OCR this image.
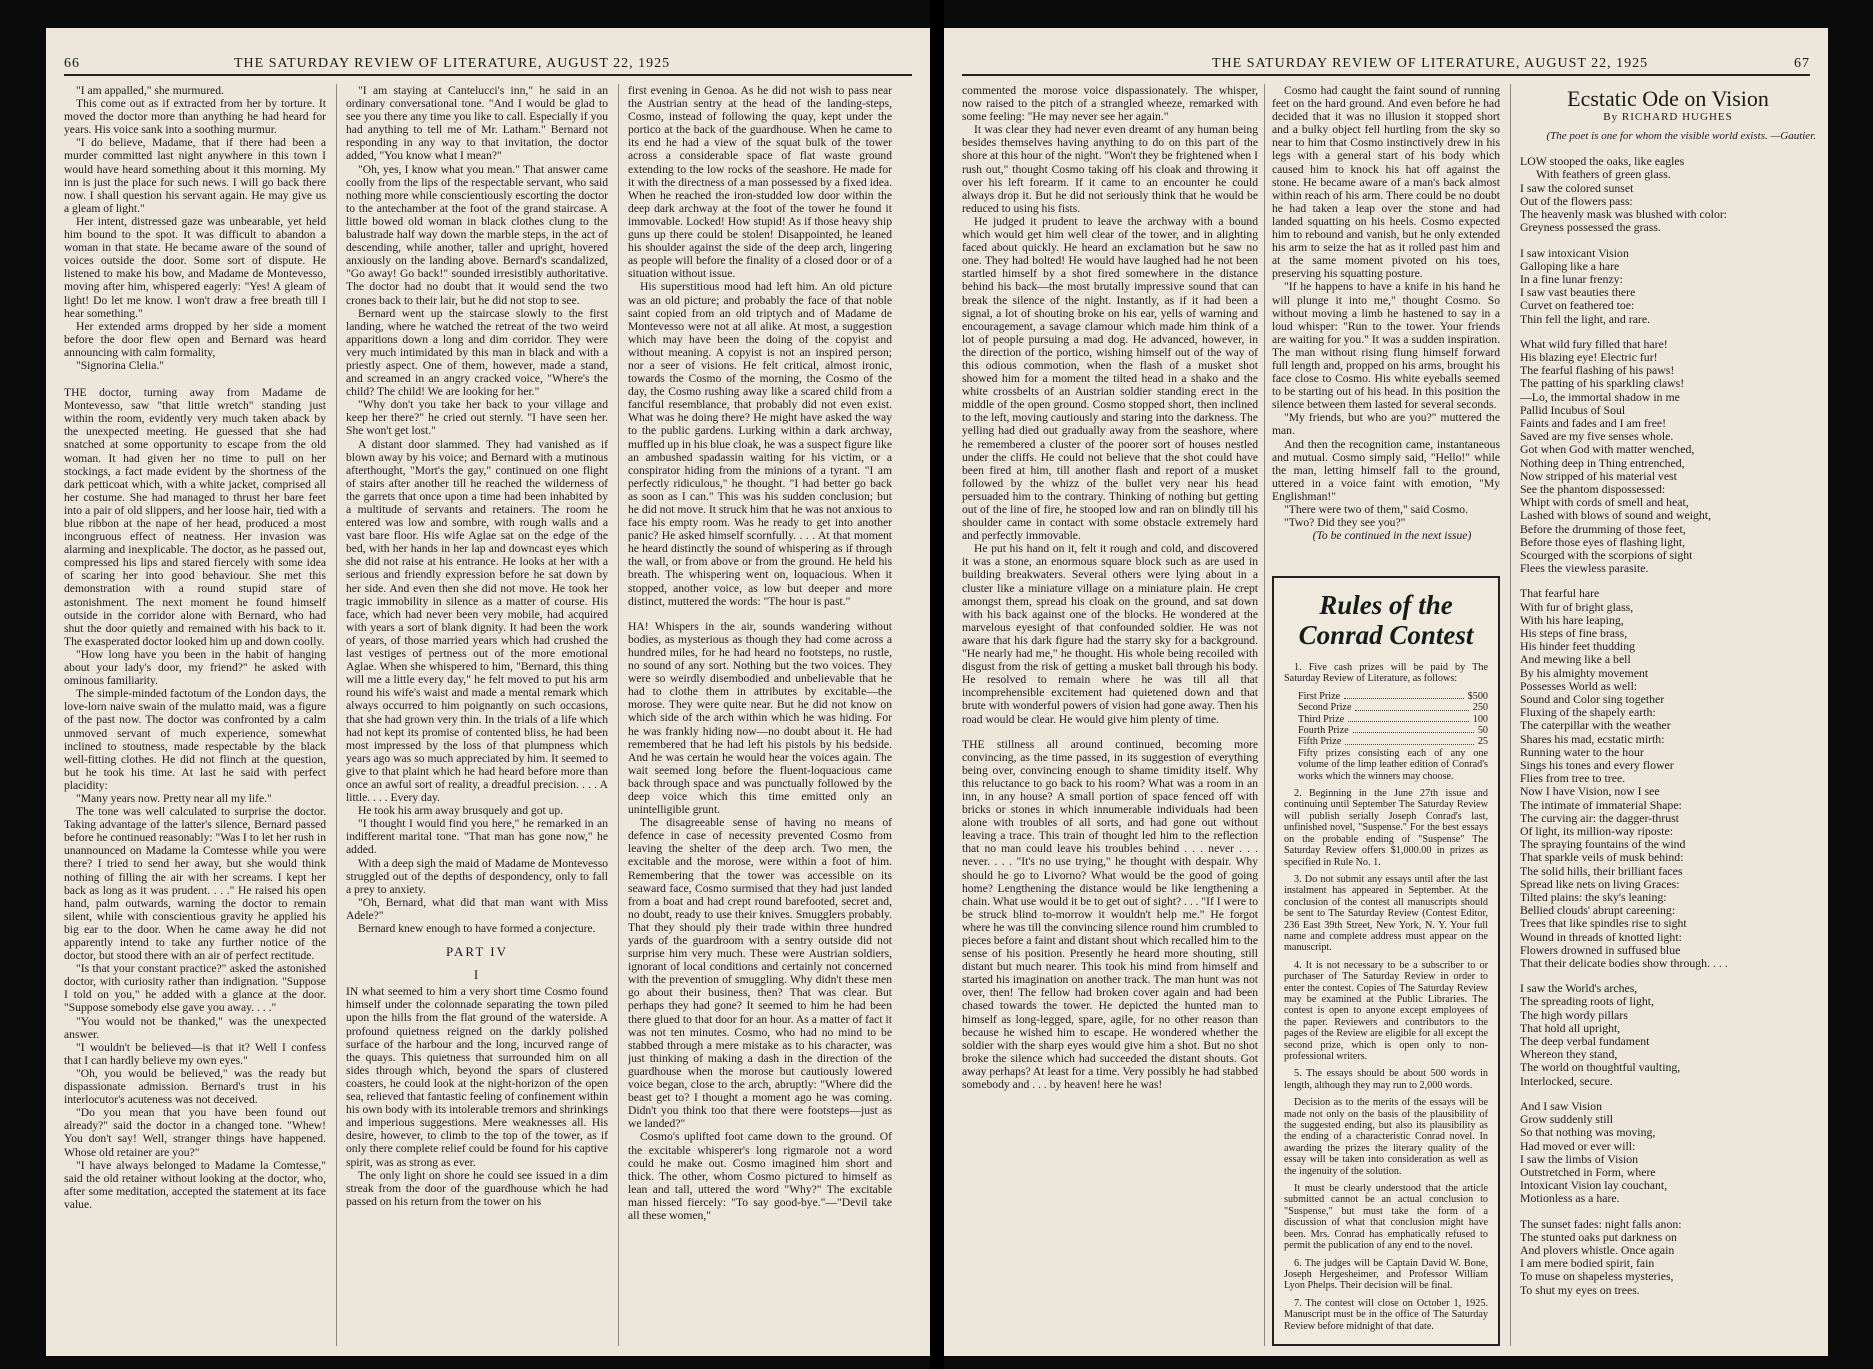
66	THE SATURDAY REVIEW OF LITERATURE, AUGUST 22, 1925

"I am appalled," she murmured.

This come out as if extracted from her by torture. It moved the doctor more than anything he had heard for years. His voice sank into a soothing murmur.

"I do believe, Madame, that if there had been a murder committed last night anywhere in this town I would have heard something about it this morning. My inn is just the place for such news. I will go back there now. I shall question his servant again. He may give us a gleam of light."

Her intent, distressed gaze was unbearable, yet held him bound to the spot. It was difficult to abandon a woman in that state. He became aware of the sound of voices outside the door. Some sort of dispute. He listened to make his bow, and Madame de Montevesso, moving after him, whispered eagerly: "Yes! A gleam of light! Do let me know. I won't draw a free breath till I hear something."

Her extended arms dropped by her side a moment before the door flew open and Bernard was heard announcing with calm formality,

"Signorina Clelia."

THE doctor, turning away from Madame de Montevesso, saw "that little wretch" standing just within the room, evidently very much taken aback by the unexpected meeting. He guessed that she had snatched at some opportunity to escape from the old woman. It had given her no time to pull on her stockings, a fact made evident by the shortness of the dark petticoat which, with a white jacket, comprised all her costume. She had managed to thrust her bare feet into a pair of old slippers, and her loose hair, tied with a blue ribbon at the nape of her head, produced a most incongruous effect of neatness. Her invasion was alarming and inexplicable. The doctor, as he passed out, compressed his lips and stared fiercely with some idea of scaring her into good behaviour. She met this demonstration with a round stupid stare of astonishment. The next moment he found himself outside in the corridor alone with Bernard, who had shut the door quietly and remained with his back to it. The exasperated doctor looked him up and down coolly.

"How long have you been in the habit of hanging about your lady's door, my friend?" he asked with ominous familiarity.

The simple-minded factotum of the London days, the love-lorn naive swain of the mulatto maid, was a figure of the past now. The doctor was confronted by a calm unmoved servant of much experience, somewhat inclined to stoutness, made respectable by the black well-fitting clothes. He did not flinch at the question, but he took his time. At last he said with perfect placidity:

"Many years now. Pretty near all my life."

The tone was well calculated to surprise the doctor. Taking advantage of the latter's silence, Bernard passed before he continued reasonably: "Was I to let her rush in unannounced on Madame la Comtesse while you were there? I tried to send her away, but she would think nothing of filling the air with her screams. I kept her back as long as it was prudent. . . ." He raised his open hand, palm outwards, warning the doctor to remain silent, while with conscientious gravity he applied his big ear to the door. When he came away he did not apparently intend to take any further notice of the doctor, but stood there with an air of perfect rectitude.

"Is that your constant practice?" asked the astonished doctor, with curiosity rather than indignation. "Suppose I told on you," he added with a glance at the door. "Suppose somebody else gave you away. . . ."

"You would not be thanked," was the unexpected answer.

"I wouldn't be believed—is that it? Well I confess that I can hardly believe my own eyes."

"Oh, you would be believed," was the ready but dispassionate admission. Bernard's trust in his interlocutor's acuteness was not deceived.

"Do you mean that you have been found out already?" said the doctor in a changed tone. "Whew! You don't say! Well, stranger things have happened. Whose old retainer are you?"

"I have always belonged to Madame la Comtesse," said the old retainer without looking at the doctor, who, after some meditation, accepted the statement at its face value.

"I am staying at Cantelucci's inn," he said in an ordinary conversational tone. "And I would be glad to see you there any time you like to call. Especially if you had anything to tell me of Mr. Latham." Bernard not responding in any way to that invitation, the doctor added, "You know what I mean?"

"Oh, yes, I know what you mean." That answer came coolly from the lips of the respectable servant, who said nothing more while conscientiously escorting the doctor to the antechamber at the foot of the grand staircase. A little bowed old woman in black clothes clung to the balustrade half way down the marble steps, in the act of descending, while another, taller and upright, hovered anxiously on the landing above. Bernard's scandalized, "Go away! Go back!" sounded irresistibly authoritative. The doctor had no doubt that it would send the two crones back to their lair, but he did not stop to see.

Bernard went up the staircase slowly to the first landing, where he watched the retreat of the two weird apparitions down a long and dim corridor. They were very much intimidated by this man in black and with a priestly aspect. One of them, however, made a stand, and screamed in an angry cracked voice, "Where's the child? The child! We are looking for her."

"Why don't you take her back to your village and keep her there?" he cried out sternly. "I have seen her. She won't get lost."

A distant door slammed. They had vanished as if blown away by his voice; and Bernard with a mutinous afterthought, "Mort's the gay," continued on one flight of stairs after another till he reached the wilderness of the garrets that once upon a time had been inhabited by a multitude of servants and retainers. The room he entered was low and sombre, with rough walls and a vast bare floor. His wife Aglae sat on the edge of the bed, with her hands in her lap and downcast eyes which she did not raise at his entrance. He looks at her with a serious and friendly expression before he sat down by her side. And even then she did not move. He took her tragic immobility in silence as a matter of course. His face, which had never been very mobile, had acquired with years a sort of blank dignity. It had been the work of years, of those married years which had crushed the last vestiges of pertness out of the more emotional Aglae. When she whispered to him, "Bernard, this thing will me a little every day," he felt moved to put his arm round his wife's waist and made a mental remark which always occurred to him poignantly on such occasions, that she had grown very thin. In the trials of a life which had not kept its promise of contented bliss, he had been most impressed by the loss of that plumpness which years ago was so much appreciated by him. It seemed to give to that plaint which he had heard before more than once an awful sort of reality, a dreadful precision. . . . A little. . . . Every day.

He took his arm away brusquely and got up.

"I thought I would find you here," he remarked in an indifferent marital tone. "That man has gone now," he added.

With a deep sigh the maid of Madame de Montevesso struggled out of the depths of despondency, only to fall a prey to anxiety.

"Oh, Bernard, what did that man want with Miss Adele?"

Bernard knew enough to have formed a conjecture.

PART IV
I

IN what seemed to him a very short time Cosmo found himself under the colonnade separating the town piled upon the hills from the flat ground of the waterside. A profound quietness reigned on the darkly polished surface of the harbour and the long, incurved range of the quays. This quietness that surrounded him on all sides through which, beyond the spars of clustered coasters, he could look at the night-horizon of the open sea, relieved that fantastic feeling of confinement within his own body with its intolerable tremors and shrinkings and imperious suggestions. Mere weaknesses all. His desire, however, to climb to the top of the tower, as if only there complete relief could be found for his captive spirit, was as strong as ever.

The only light on shore he could see issued in a dim streak from the door of the guardhouse which he had passed on his return from the tower on his

first evening in Genoa. As he did not wish to pass near the Austrian sentry at the head of the landing-steps, Cosmo, instead of following the quay, kept under the portico at the back of the guardhouse. When he came to its end he had a view of the squat bulk of the tower across a considerable space of flat waste ground extending to the low rocks of the seashore. He made for it with the directness of a man possessed by a fixed idea. When he reached the iron-studded low door within the deep dark archway at the foot of the tower he found it immovable. Locked! How stupid! As if those heavy ship guns up there could be stolen! Disappointed, he leaned his shoulder against the side of the deep arch, lingering as people will before the finality of a closed door or of a situation without issue.

His superstitious mood had left him. An old picture was an old picture; and probably the face of that noble saint copied from an old triptych and of Madame de Montevesso were not at all alike. At most, a suggestion which may have been the doing of the copyist and without meaning. A copyist is not an inspired person; nor a seer of visions. He felt critical, almost ironic, towards the Cosmo of the morning, the Cosmo of the day, the Cosmo rushing away like a scared child from a fanciful resemblance, that probably did not even exist. What was he doing there? He might have asked the way to the public gardens. Lurking within a dark archway, muffled up in his blue cloak, he was a suspect figure like an ambushed spadassin waiting for his victim, or a conspirator hiding from the minions of a tyrant. "I am perfectly ridiculous," he thought. "I had better go back as soon as I can." This was his sudden conclusion; but he did not move. It struck him that he was not anxious to face his empty room. Was he ready to get into another panic? He asked himself scornfully. . . . At that moment he heard distinctly the sound of whispering as if through the wall, or from above or from the ground. He held his breath. The whispering went on, loquacious. When it stopped, another voice, as low but deeper and more distinct, muttered the words: "The hour is past."

HA! Whispers in the air, sounds wandering without bodies, as mysterious as though they had come across a hundred miles, for he had heard no footsteps, no rustle, no sound of any sort. Nothing but the two voices. They were so weirdly disembodied and unbelievable that he had to clothe them in attributes by excitable—the morose. They were quite near. But he did not know on which side of the arch within which he was hiding. For he was frankly hiding now—no doubt about it. He had remembered that he had left his pistols by his bedside. And he was certain he would hear the voices again. The wait seemed long before the fluent-loquacious came back through space and was punctually followed by the deep voice which this time emitted only an unintelligible grunt.

The disagreeable sense of having no means of defence in case of necessity prevented Cosmo from leaving the shelter of the deep arch. Two men, the excitable and the morose, were within a foot of him. Remembering that the tower was accessible on its seaward face, Cosmo surmised that they had just landed from a boat and had crept round barefooted, secret and, no doubt, ready to use their knives. Smugglers probably. That they should ply their trade within three hundred yards of the guardroom with a sentry outside did not surprise him very much. These were Austrian soldiers, ignorant of local conditions and certainly not concerned with the prevention of smuggling. Why didn't these men go about their business, then? That was clear. But perhaps they had gone? It seemed to him he had been there glued to that door for an hour. As a matter of fact it was not ten minutes. Cosmo, who had no mind to be stabbed through a mere mistake as to his character, was just thinking of making a dash in the direction of the guardhouse when the morose but cautiously lowered voice began, close to the arch, abruptly: "Where did the beast get to? I thought a moment ago he was coming. Didn't you think too that there were footsteps—just as we landed?"

Cosmo's uplifted foot came down to the ground. Of the excitable whisperer's long rigmarole not a word could he make out. Cosmo imagined him short and thick. The other, whom Cosmo pictured to himself as lean and tall, uttered the word "Why?" The excitable man hissed fiercely: "To say good-bye."—"Devil take all these women,"

THE SATURDAY REVIEW OF LITERATURE, AUGUST 22, 1925	67

commented the morose voice dispassionately. The whisper, now raised to the pitch of a strangled wheeze, remarked with some feeling: "He may never see her again."

It was clear they had never even dreamt of any human being besides themselves having anything to do on this part of the shore at this hour of the night. "Won't they be frightened when I rush out," thought Cosmo taking off his cloak and throwing it over his left forearm. If it came to an encounter he could always drop it. But he did not seriously think that he would be reduced to using his fists.

He judged it prudent to leave the archway with a bound which would get him well clear of the tower, and in alighting faced about quickly. He heard an exclamation but he saw no one. They had bolted! He would have laughed had he not been startled himself by a shot fired somewhere in the distance behind his back—the most brutally impressive sound that can break the silence of the night. Instantly, as if it had been a signal, a lot of shouting broke on his ear, yells of warning and encouragement, a savage clamour which made him think of a lot of people pursuing a mad dog. He advanced, however, in the direction of the portico, wishing himself out of the way of this odious commotion, when the flash of a musket shot showed him for a moment the tilted head in a shako and the white crossbelts of an Austrian soldier standing erect in the middle of the open ground. Cosmo stopped short, then inclined to the left, moving cautiously and staring into the darkness. The yelling had died out gradually away from the seashore, where he remembered a cluster of the poorer sort of houses nestled under the cliffs. He could not believe that the shot could have been fired at him, till another flash and report of a musket followed by the whizz of the bullet very near his head persuaded him to the contrary. Thinking of nothing but getting out of the line of fire, he stooped low and ran on blindly till his shoulder came in contact with some obstacle extremely hard and perfectly immovable.

He put his hand on it, felt it rough and cold, and discovered it was a stone, an enormous square block such as are used in building breakwaters. Several others were lying about in a cluster like a miniature village on a miniature plain. He crept amongst them, spread his cloak on the ground, and sat down with his back against one of the blocks. He wondered at the marvelous eyesight of that confounded soldier. He was not aware that his dark figure had the starry sky for a background. "He nearly had me," he thought. His whole being recoiled with disgust from the risk of getting a musket ball through his body. He resolved to remain where he was till all that incomprehensible excitement had quietened down and that brute with wonderful powers of vision had gone away. Then his road would be clear. He would give him plenty of time.

THE stillness all around continued, becoming more convincing, as the time passed, in its suggestion of everything being over, convincing enough to shame timidity itself. Why this reluctance to go back to his room? What was a room in an inn, in any house? A small portion of space fenced off with bricks or stones in which innumerable individuals had been alone with troubles of all sorts, and had gone out without leaving a trace. This train of thought led him to the reflection that no man could leave his troubles behind . . . never . . . never. . . . "It's no use trying," he thought with despair. Why should he go to Livorno? What would be the good of going home? Lengthening the distance would be like lengthening a chain. What use would it be to get out of sight? . . . "If I were to be struck blind to-morrow it wouldn't help me." He forgot where he was till the convincing silence round him crumbled to pieces before a faint and distant shout which recalled him to the sense of his position. Presently he heard more shouting, still distant but much nearer. This took his mind from himself and started his imagination on another track. The man hunt was not over, then! The fellow had broken cover again and had been chased towards the tower. He depicted the hunted man to himself as long-legged, spare, agile, for no other reason than because he wished him to escape. He wondered whether the soldier with the sharp eyes would give him a shot. But no shot broke the silence which had succeeded the distant shouts. Got away perhaps? At least for a time. Very possibly he had stabbed somebody and . . . by heaven! here he was!

Cosmo had caught the faint sound of running feet on the hard ground. And even before he had decided that it was no illusion it stopped short and a bulky object fell hurtling from the sky so near to him that Cosmo instinctively drew in his legs with a general start of his body which caused him to knock his hat off against the stone. He became aware of a man's back almost within reach of his arm. There could be no doubt he had taken a leap over the stone and had landed squatting on his heels. Cosmo expected him to rebound and vanish, but he only extended his arm to seize the hat as it rolled past him and at the same moment pivoted on his toes, preserving his squatting posture.

"If he happens to have a knife in his hand he will plunge it into me," thought Cosmo. So without moving a limb he hastened to say in a loud whisper: "Run to the tower. Your friends are waiting for you." It was a sudden inspiration. The man without rising flung himself forward full length and, propped on his arms, brought his face close to Cosmo. His white eyeballs seemed to be starting out of his head. In this position the silence between them lasted for several seconds.

"My friends, but who are you?" muttered the man.

And then the recognition came, instantaneous and mutual. Cosmo simply said, "Hello!" while the man, letting himself fall to the ground, uttered in a voice faint with emotion, "My Englishman!"

"There were two of them," said Cosmo.

"Two? Did they see you?"

(To be continued in the next issue)

Rules of the Conrad Contest

1. Five cash prizes will be paid by The Saturday Review of Literature, as follows:

First Prize	$500
Second Prize	250
Third Prize	100
Fourth Prize	50
Fifth Prize	25

Fifty prizes consisting each of any one volume of the limp leather edition of Conrad's works which the winners may choose.

2. Beginning in the June 27th issue and continuing until September The Saturday Review will publish serially Joseph Conrad's last, unfinished novel, "Suspense." For the best essays on the probable ending of "Suspense" The Saturday Review offers $1,000.00 in prizes as specified in Rule No. 1.

3. Do not submit any essays until after the last instalment has appeared in September. At the conclusion of the contest all manuscripts should be sent to The Saturday Review (Contest Editor, 236 East 39th Street, New York, N. Y. Your full name and complete address must appear on the manuscript.

4. It is not necessary to be a subscriber to or purchaser of The Saturday Review in order to enter the contest. Copies of The Saturday Review may be examined at the Public Libraries. The contest is open to anyone except employees of the paper. Reviewers and contributors to the pages of the Review are eligible for all except the second prize, which is open only to non-professional writers.

5. The essays should be about 500 words in length, although they may run to 2,000 words.

Decision as to the merits of the essays will be made not only on the basis of the plausibility of the suggested ending, but also its plausibility as the ending of a characteristic Conrad novel. In awarding the prizes the literary quality of the essay will be taken into consideration as well as the ingenuity of the solution.

It must be clearly understood that the article submitted cannot be an actual conclusion to "Suspense," but must take the form of a discussion of what that conclusion might have been. Mrs. Conrad has emphatically refused to permit the publication of any end to the novel.

6. The judges will be Captain David W. Bone, Joseph Hergesheimer, and Professor William Lyon Phelps. Their decision will be final.

7. The contest will close on October 1, 1925. Manuscript must be in the office of The Saturday Review before midnight of that date.

Ecstatic Ode on Vision
By RICHARD HUGHES
(The poet is one for whom the visible world exists. —Gautier.
LOW stooped the oaks, like eagles
With feathers of green glass.
I saw the colored sunset
Out of the flowers pass:
The heavenly mask was blushed with color:
Greyness possessed the grass.
I saw intoxicant Vision
Galloping like a hare
In a fine lunar frenzy:
I saw vast beauties there
Curvet on feathered toe:
Thin fell the light, and rare.
What wild fury filled that hare!
His blazing eye! Electric fur!
The fearful flashing of his paws!
The patting of his sparkling claws!
—Lo, the immortal shadow in me
Pallid Incubus of Soul
Faints and fades and I am free!
Saved are my five senses whole.
Got when God with matter wenched,
Nothing deep in Thing entrenched,
Now stripped of his material vest
See the phantom dispossessed:
Whipt with cords of smell and heat,
Lashed with blows of sound and weight,
Before the drumming of those feet,
Before those eyes of flashing light,
Scourged with the scorpions of sight
Flees the viewless parasite.
That fearful hare
With fur of bright glass,
With his hare leaping,
His steps of fine brass,
His hinder feet thudding
And mewing like a bell
By his almighty movement
Possesses World as well:
Sound and Color sing together
Fluxing of the shapely earth:
The caterpillar with the weather
Shares his mad, ecstatic mirth:
Running water to the hour
Sings his tones and every flower
Flies from tree to tree.
Now I have Vision, now I see
The intimate of immaterial Shape:
The curving air: the dagger-thrust
Of light, its million-way riposte:
The spraying fountains of the wind
That sparkle veils of musk behind:
The solid hills, their brilliant faces
Spread like nets on living Graces:
Tilted plains: the sky's leaning:
Bellied clouds' abrupt careening:
Trees that like spindles rise to sight
Wound in threads of knotted light:
Flowers drowned in suffused blue
That their delicate bodies show through. . . .
I saw the World's arches,
The spreading roots of light,
The high wordy pillars
That hold all upright,
The deep verbal fundament
Whereon they stand,
The world on thoughtful vaulting,
Interlocked, secure.
And I saw Vision
Grow suddenly still
So that nothing was moving,
Had moved or ever will:
I saw the limbs of Vision
Outstretched in Form, where
Intoxicant Vision lay couchant,
Motionless as a hare.
The sunset fades: night falls anon:
The stunted oaks put darkness on
And plovers whistle. Once again
I am mere bodied spirit, fain
To muse on shapeless mysteries,
To shut my eyes on trees.
